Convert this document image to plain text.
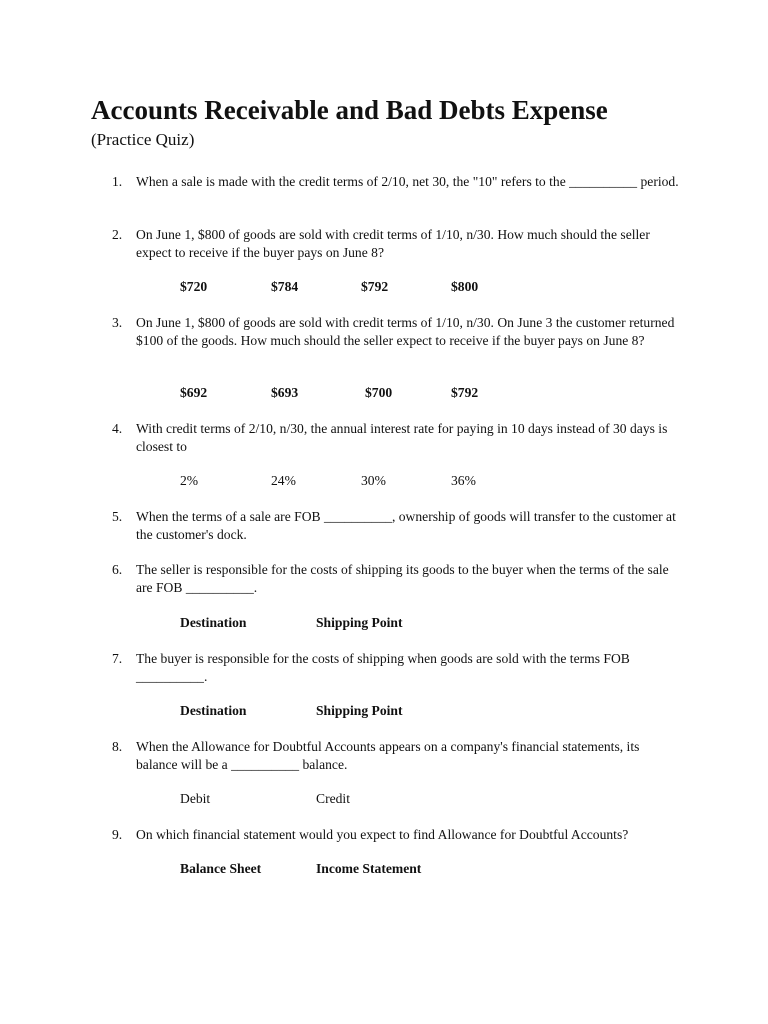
Accounts Receivable and Bad Debts Expense
(Practice Quiz)
1. When a sale is made with the credit terms of 2/10, net 30, the "10" refers to the __________ period.
2. On June 1, $800 of goods are sold with credit terms of 1/10, n/30. How much should the seller expect to receive if the buyer pays on June 8?
$720	$784	$792	$800
3. On June 1, $800 of goods are sold with credit terms of 1/10, n/30. On June 3 the customer returned $100 of the goods. How much should the seller expect to receive if the buyer pays on June 8?
$692	$693	$700	$792
4. With credit terms of 2/10, n/30, the annual interest rate for paying in 10 days instead of 30 days is closest to
2%	24%	30%	36%
5. When the terms of a sale are FOB __________, ownership of goods will transfer to the customer at the customer's dock.
6. The seller is responsible for the costs of shipping its goods to the buyer when the terms of the sale are FOB __________.
Destination	Shipping Point
7. The buyer is responsible for the costs of shipping when goods are sold with the terms FOB __________.
Destination	Shipping Point
8. When the Allowance for Doubtful Accounts appears on a company's financial statements, its balance will be a __________ balance.
Debit	Credit
9. On which financial statement would you expect to find Allowance for Doubtful Accounts?
Balance Sheet	Income Statement
